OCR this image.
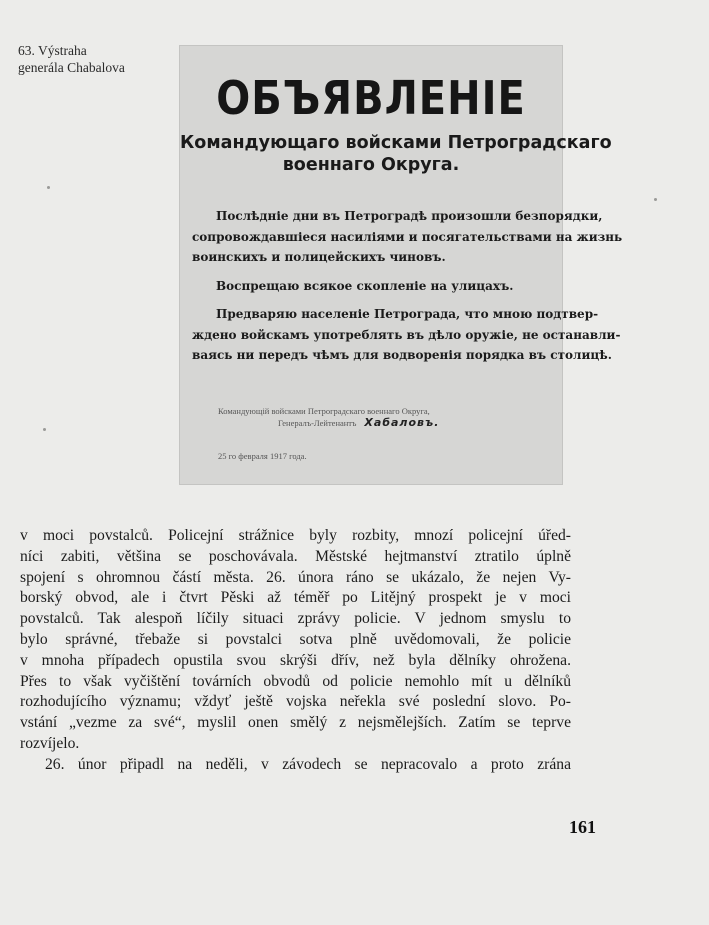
63. Výstraha
generála Chabalova
ОБЪЯВЛЕНІЕ
Командующаго войсками Петроградскаго
военнаго Округа.
Послѣдніе дни въ Петроградѣ произошли безпорядки,
сопровождавшіеся насиліями и посягательствами на жизнь
воинскихъ и полицейскихъ чиновъ.
Воспрещаю всякое скопленіе на улицахъ.
Предваряю населеніе Петрограда, что мною подтвер-
ждено войскамъ употреблять въ дѣло оружіе, не останавли-
ваясь ни передъ чѣмъ для водворенія порядка въ столицѣ.
Командующій войсками Петроградскаго военнаго Округа,
Генералъ-Лейтенантъ Хабаловъ.
25 го февраля 1917 года.
v moci povstalců. Policejní strážnice byly rozbity, mnozí policejní úřed-
níci zabiti, většina se poschovávala. Městské hejtmanství ztratilo úplně
spojení s ohromnou částí města. 26. února ráno se ukázalo, že nejen Vy-
borský obvod, ale i čtvrt Pěski až téměř po Litějný prospekt je v moci
povstalců. Tak alespoň líčily situaci zprávy policie. V jednom smyslu to
bylo správné, třebaže si povstalci sotva plně uvědomovali, že policie
v mnoha případech opustila svou skrýši dřív, než byla dělníky ohrožena.
Přes to však vyčištění továrních obvodů od policie nemohlo mít u dělníků
rozhodujícího významu; vždyť ještě vojska neřekla své poslední slovo. Po-
vstání „vezme za své“, myslil onen smělý z nejsmělejších. Zatím se teprve
rozvíjelo.
26. únor připadl na neděli, v závodech se nepracovalo a proto zrána
161
